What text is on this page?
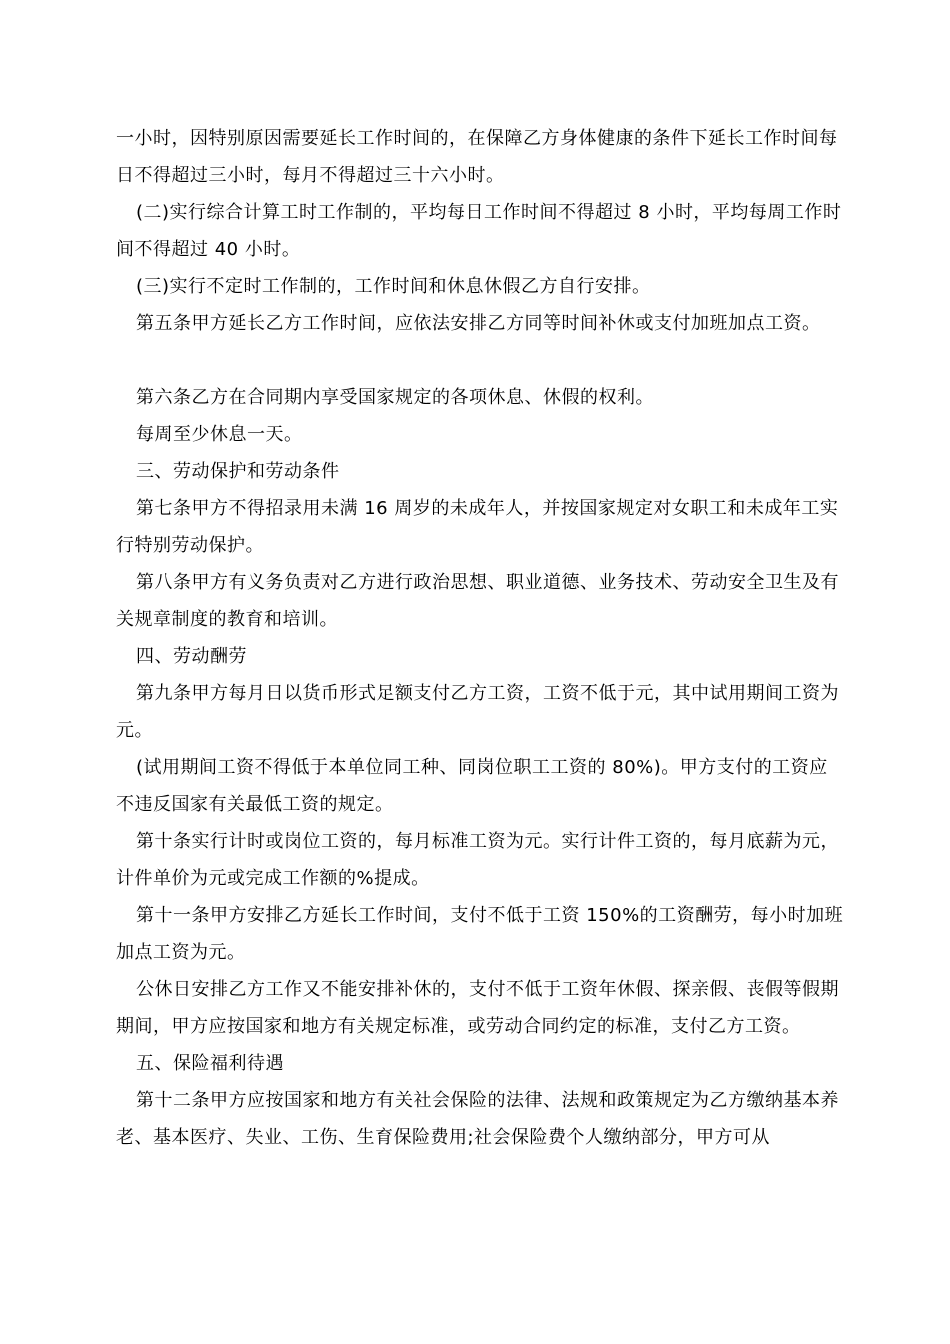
一小时，因特别原因需要延长工作时间的，在保障乙方身体健康的条件下延长工作时间每日不得超过三小时，每月不得超过三十六小时。

(二)实行综合计算工时工作制的，平均每日工作时间不得超过 8 小时，平均每周工作时间不得超过 40 小时。

(三)实行不定时工作制的，工作时间和休息休假乙方自行安排。

第五条甲方延长乙方工作时间，应依法安排乙方同等时间补休或支付加班加点工资。

第六条乙方在合同期内享受国家规定的各项休息、休假的权利。

每周至少休息一天。

三、劳动保护和劳动条件

第七条甲方不得招录用未满 16 周岁的未成年人，并按国家规定对女职工和未成年工实行特别劳动保护。

第八条甲方有义务负责对乙方进行政治思想、职业道德、业务技术、劳动安全卫生及有关规章制度的教育和培训。

四、劳动酬劳

第九条甲方每月日以货币形式足额支付乙方工资，工资不低于元，其中试用期间工资为元。

(试用期间工资不得低于本单位同工种、同岗位职工工资的 80%)。甲方支付的工资应不违反国家有关最低工资的规定。

第十条实行计时或岗位工资的，每月标准工资为元。实行计件工资的，每月底薪为元，计件单价为元或完成工作额的%提成。

第十一条甲方安排乙方延长工作时间，支付不低于工资 150%的工资酬劳，每小时加班加点工资为元。

公休日安排乙方工作又不能安排补休的，支付不低于工资年休假、探亲假、丧假等假期期间，甲方应按国家和地方有关规定标准，或劳动合同约定的标准，支付乙方工资。

五、保险福利待遇

第十二条甲方应按国家和地方有关社会保险的法律、法规和政策规定为乙方缴纳基本养老、基本医疗、失业、工伤、生育保险费用;社会保险费个人缴纳部分，甲方可从
